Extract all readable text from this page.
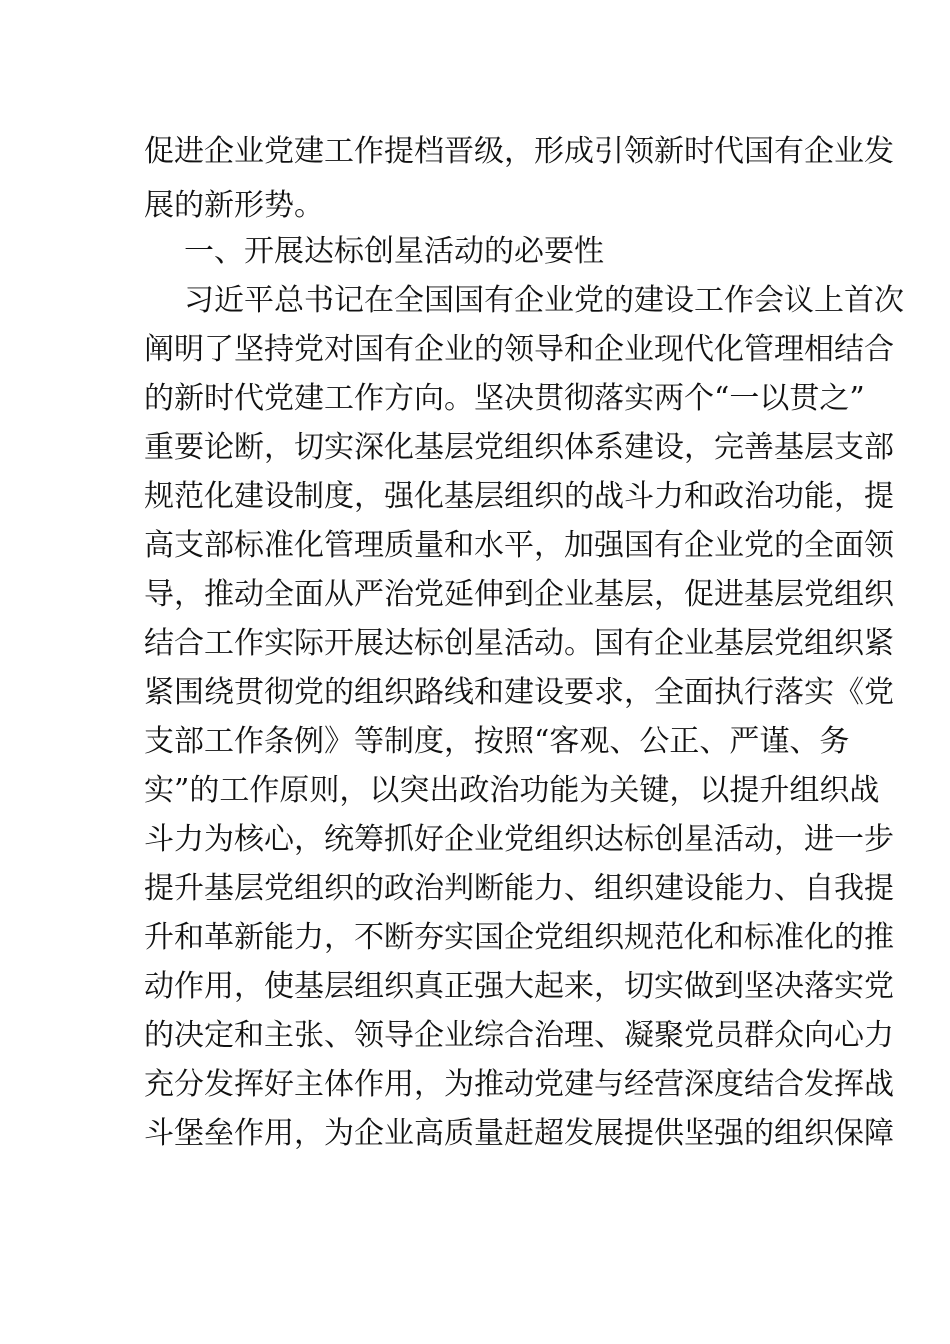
促进企业党建工作提档晋级，形成引领新时代国有企业发
展的新形势。
一、开展达标创星活动的必要性
习近平总书记在全国国有企业党的建设工作会议上首次
阐明了坚持党对国有企业的领导和企业现代化管理相结合
的新时代党建工作方向。坚决贯彻落实两个“一以贯之”
重要论断，切实深化基层党组织体系建设，完善基层支部
规范化建设制度，强化基层组织的战斗力和政治功能，提
高支部标准化管理质量和水平，加强国有企业党的全面领
导，推动全面从严治党延伸到企业基层，促进基层党组织
结合工作实际开展达标创星活动。国有企业基层党组织紧
紧围绕贯彻党的组织路线和建设要求，全面执行落实《党
支部工作条例》等制度，按照“客观、公正、严谨、务
实”的工作原则，以突出政治功能为关键，以提升组织战
斗力为核心，统筹抓好企业党组织达标创星活动，进一步
提升基层党组织的政治判断能力、组织建设能力、自我提
升和革新能力，不断夯实国企党组织规范化和标准化的推
动作用，使基层组织真正强大起来，切实做到坚决落实党
的决定和主张、领导企业综合治理、凝聚党员群众向心力
充分发挥好主体作用，为推动党建与经营深度结合发挥战
斗堡垒作用，为企业高质量赶超发展提供坚强的组织保障
